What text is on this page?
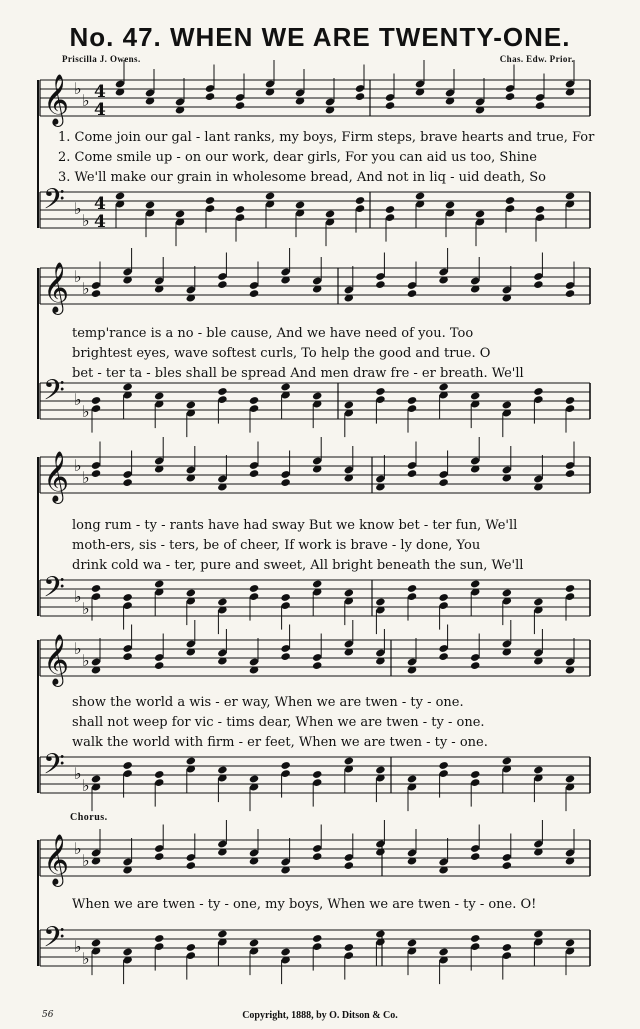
No. 47. WHEN WE ARE TWENTY-ONE.
Priscilla J. Owens.	Chas. Edw. Prior.
𝄞 ♭
♭ 4
4
𝄢 ♭
♭
4
4
𝄞 ♭
♭
𝄢 ♭
♭
𝄞 ♭
♭
𝄢 ♭
♭
𝄞 ♭
♭
𝄢 ♭
♭
𝄞 ♭
♭
𝄢 ♭
♭
1. Come join our gal - lant ranks, my boys, Firm steps, brave hearts and true, For
2. Come smile up - on our work, dear girls, For you can aid us too, Shine
3. We'll make our grain in wholesome bread, And not in liq - uid death, So
temp'rance is a no - ble cause, And we have need of you. Too
brightest eyes, wave softest curls, To help the good and true. O
bet - ter ta - bles shall be spread And men draw fre - er breath. We'll
long rum - ty - rants have had sway But we know bet - ter fun, We'll
moth-ers, sis - ters, be of cheer, If work is brave - ly done, You
drink cold wa - ter, pure and sweet, All bright beneath the sun, We'll
show the world a wis - er way, When we are twen - ty - one.
shall not weep for vic - tims dear, When we are twen - ty - one.
walk the world with firm - er feet, When we are twen - ty - one.
Chorus.
When we are twen - ty - one, my boys, When we are twen - ty - one. O!
56	Copyright, 1888, by O. Ditson & Co.
